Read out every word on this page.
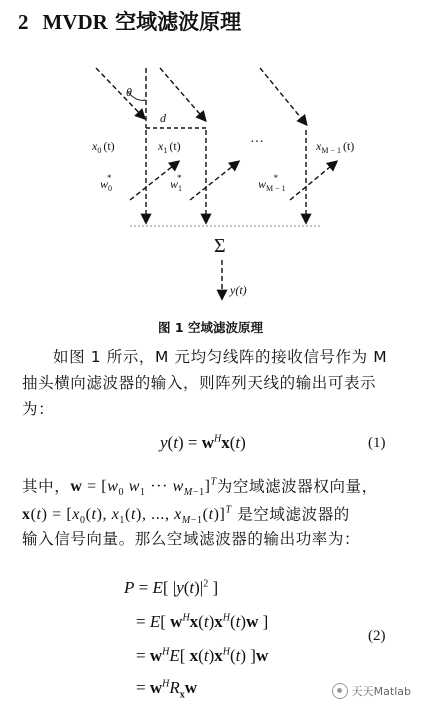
2 MVDR 空域滤波原理
θ
d
$x_0$ (t)	$x_1$ (t)	$x_{M - 1}$ (t)
···
$w_0*$	$w_1*$	$w_{M - 1}*$
Σ
y(t)
图 1 空域滤波原理
如图 1 所示，M 元均匀线阵的接收信号作为 M 抽头横向滤波器的输入，则阵列天线的输出可表示为：
$y(t) = w^Hx(t)$	(1)
其中，$w = [w_0$ $w_1$ ··· $w_{M-1}]^T$为空域滤波器权向量，
$x(t) = [x_0(t)$, $x_1(t)$, ..., $x_{M-1}(t)]^T$ 是空域滤波器的
输入信号向量。那么空域滤波器的输出功率为：
P = E[ $|y(t)|^2$ ]
= E[ $w^Hx(t)x^H(t)w$ ]
= $w^HE$[ $x(t)x^H(t)$ ]w
= $w^HR_xw$
(2)
天天Matlab
